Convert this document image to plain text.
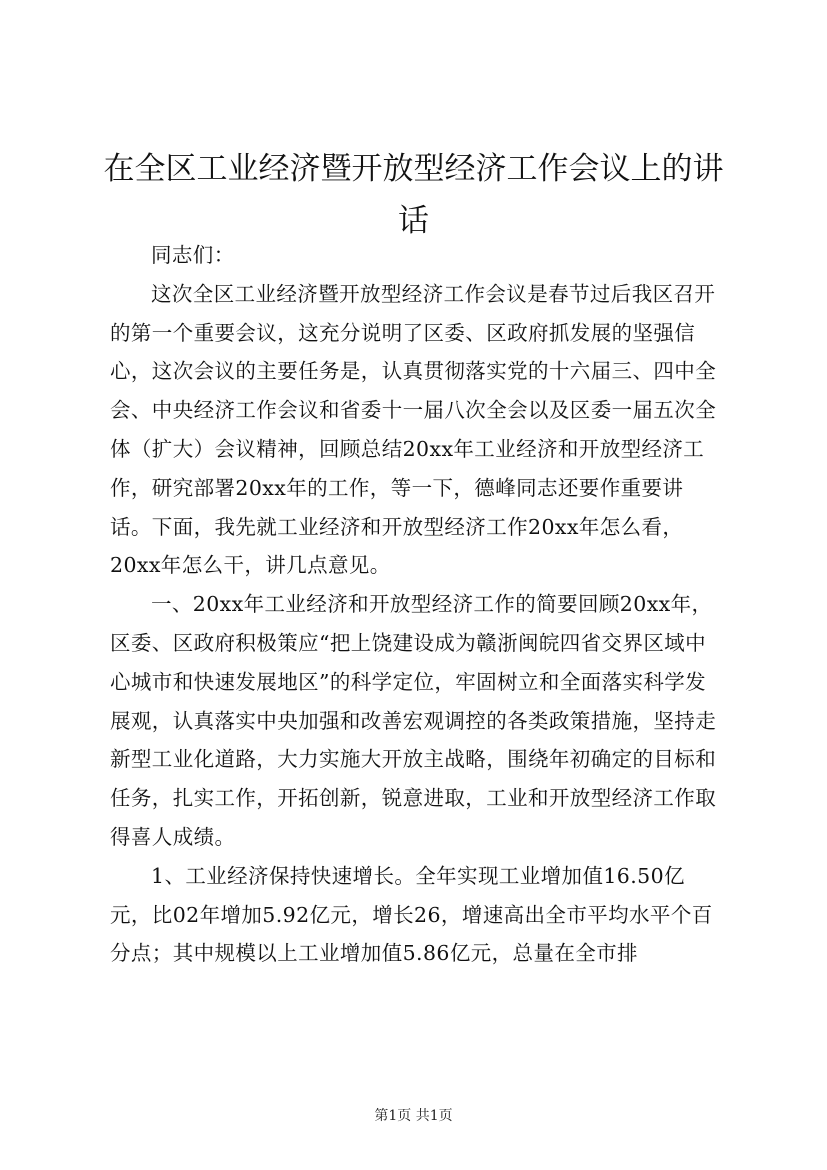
在全区工业经济暨开放型经济工作会议上的讲
话

同志们：

这次全区工业经济暨开放型经济工作会议是春节过后我区召开的第一个重要会议，这充分说明了区委、区政府抓发展的坚强信心，这次会议的主要任务是，认真贯彻落实党的十六届三、四中全会、中央经济工作会议和省委十一届八次全会以及区委一届五次全体（扩大）会议精神，回顾总结20xx年工业经济和开放型经济工作，研究部署20xx年的工作，等一下，德峰同志还要作重要讲话。下面，我先就工业经济和开放型经济工作20xx年怎么看，20xx年怎么干，讲几点意见。

一、20xx年工业经济和开放型经济工作的简要回顾20xx年，区委、区政府积极策应“把上饶建设成为赣浙闽皖四省交界区域中心城市和快速发展地区”的科学定位，牢固树立和全面落实科学发展观，认真落实中央加强和改善宏观调控的各类政策措施，坚持走新型工业化道路，大力实施大开放主战略，围绕年初确定的目标和任务，扎实工作，开拓创新，锐意进取，工业和开放型经济工作取得喜人成绩。

1、工业经济保持快速增长。全年实现工业增加值16.50亿元，比02年增加5.92亿元，增长26，增速高出全市平均水平个百分点；其中规模以上工业增加值5.86亿元，总量在全市排

第1页 共1页
